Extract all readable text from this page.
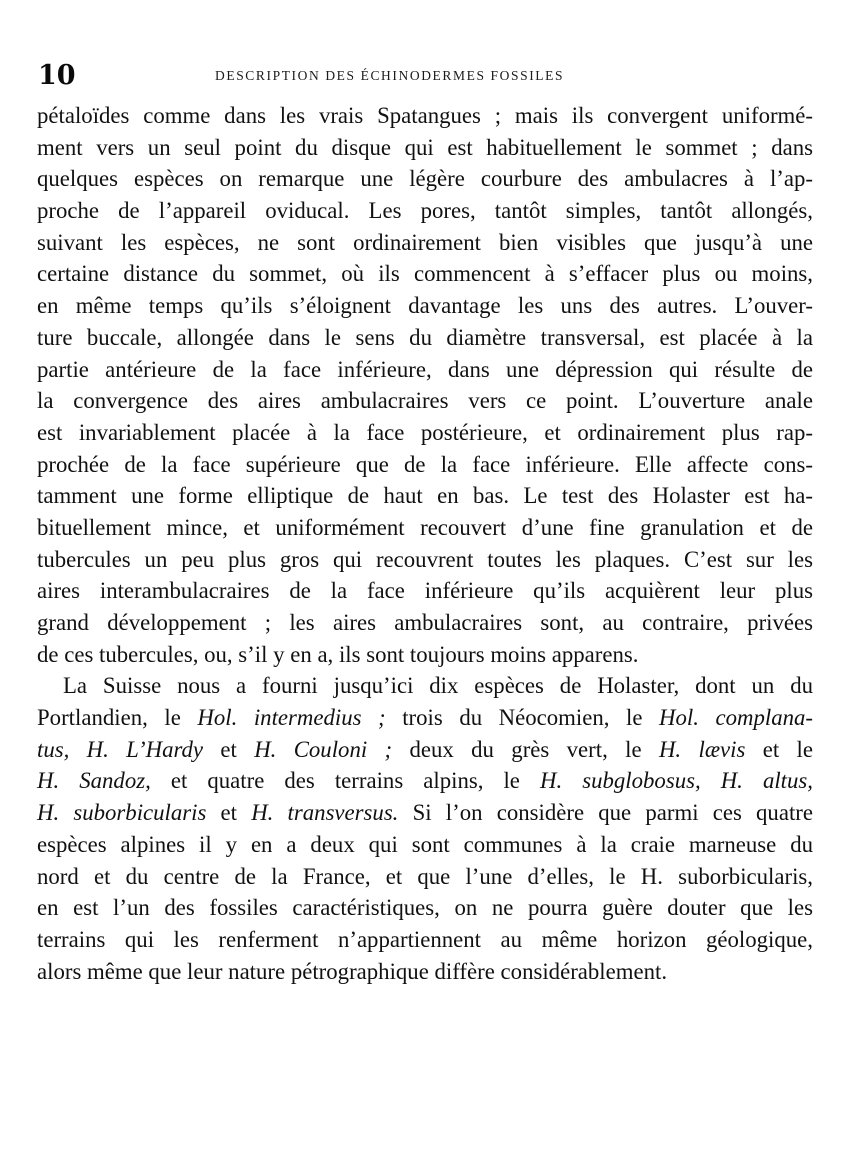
10	DESCRIPTION DES ÉCHINODERMES FOSSILES
pétaloïdes comme dans les vrais Spatangues ; mais ils convergent uniformé-
ment vers un seul point du disque qui est habituellement le sommet ; dans
quelques espèces on remarque une légère courbure des ambulacres à l’ap-
proche de l’appareil oviducal. Les pores, tantôt simples, tantôt allongés,
suivant les espèces, ne sont ordinairement bien visibles que jusqu’à une
certaine distance du sommet, où ils commencent à s’effacer plus ou moins,
en même temps qu’ils s’éloignent davantage les uns des autres. L’ouver-
ture buccale, allongée dans le sens du diamètre transversal, est placée à la
partie antérieure de la face inférieure, dans une dépression qui résulte de
la convergence des aires ambulacraires vers ce point. L’ouverture anale
est invariablement placée à la face postérieure, et ordinairement plus rap-
prochée de la face supérieure que de la face inférieure. Elle affecte cons-
tamment une forme elliptique de haut en bas. Le test des Holaster est ha-
bituellement mince, et uniformément recouvert d’une fine granulation et de
tubercules un peu plus gros qui recouvrent toutes les plaques. C’est sur les
aires interambulacraires de la face inférieure qu’ils acquièrent leur plus
grand développement ; les aires ambulacraires sont, au contraire, privées
de ces tubercules, ou, s’il y en a, ils sont toujours moins apparens.
La Suisse nous a fourni jusqu’ici dix espèces de Holaster, dont un du
Portlandien, le Hol. intermedius ; trois du Néocomien, le Hol. complana-
tus, H. L’Hardy et H. Couloni ; deux du grès vert, le H. lævis et le
H. Sandoz, et quatre des terrains alpins, le H. subglobosus, H. altus,
H. suborbicularis et H. transversus. Si l’on considère que parmi ces quatre
espèces alpines il y en a deux qui sont communes à la craie marneuse du
nord et du centre de la France, et que l’une d’elles, le H. suborbicularis,
en est l’un des fossiles caractéristiques, on ne pourra guère douter que les
terrains qui les renferment n’appartiennent au même horizon géologique,
alors même que leur nature pétrographique diffère considérablement.
